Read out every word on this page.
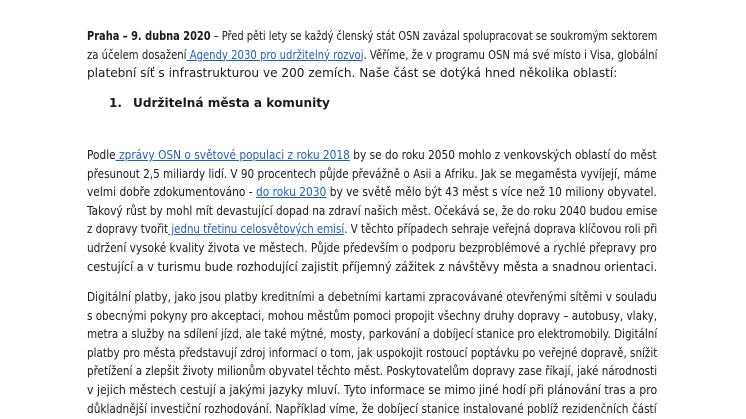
Praha – 9. dubna 2020 – Před pěti lety se každý členský stát OSN zavázal spolupracovat se soukromým sektorem
za účelem dosažení Agendy 2030 pro udržitelný rozvoj. Věříme, že v programu OSN má své místo i Visa, globální
platební síť s infrastrukturou ve 200 zemích. Naše část se dotýká hned několika oblastí:

1. Udržitelná města a komunity

Podle zprávy OSN o světové populaci z roku 2018 by se do roku 2050 mohlo z venkovských oblastí do měst
přesunout 2,5 miliardy lidí. V 90 procentech půjde převážně o Asii a Afriku. Jak se megaměsta vyvíjejí, máme
velmi dobře zdokumentováno - do roku 2030 by ve světě mělo být 43 měst s více než 10 miliony obyvatel.
Takový růst by mohl mít devastující dopad na zdraví našich měst. Očekává se, že do roku 2040 budou emise
z dopravy tvořit jednu třetinu celosvětových emisí. V těchto případech sehraje veřejná doprava klíčovou roli při
udržení vysoké kvality života ve městech. Půjde především o podporu bezproblémové a rychlé přepravy pro
cestující a v turismu bude rozhodující zajistit příjemný zážitek z návštěvy města a snadnou orientaci.

Digitální platby, jako jsou platby kreditními a debetními kartami zpracovávané otevřenými sítěmi v souladu
s obecnými pokyny pro akceptaci, mohou městům pomoci propojit všechny druhy dopravy – autobusy, vlaky,
metra a služby na sdílení jízd, ale také mýtné, mosty, parkování a dobíjecí stanice pro elektromobily. Digitální
platby pro města představují zdroj informací o tom, jak uspokojit rostoucí poptávku po veřejné dopravě, snížit
přetížení a zlepšit životy milionům obyvatel těchto měst. Poskytovatelům dopravy zase říkají, jaké národnosti
v jejich městech cestují a jakými jazyky mluví. Tyto informace se mimo jiné hodí při plánování tras a pro
důkladnější investiční rozhodování. Například víme, že dobíjecí stanice instalované poblíž rezidenčních částí
